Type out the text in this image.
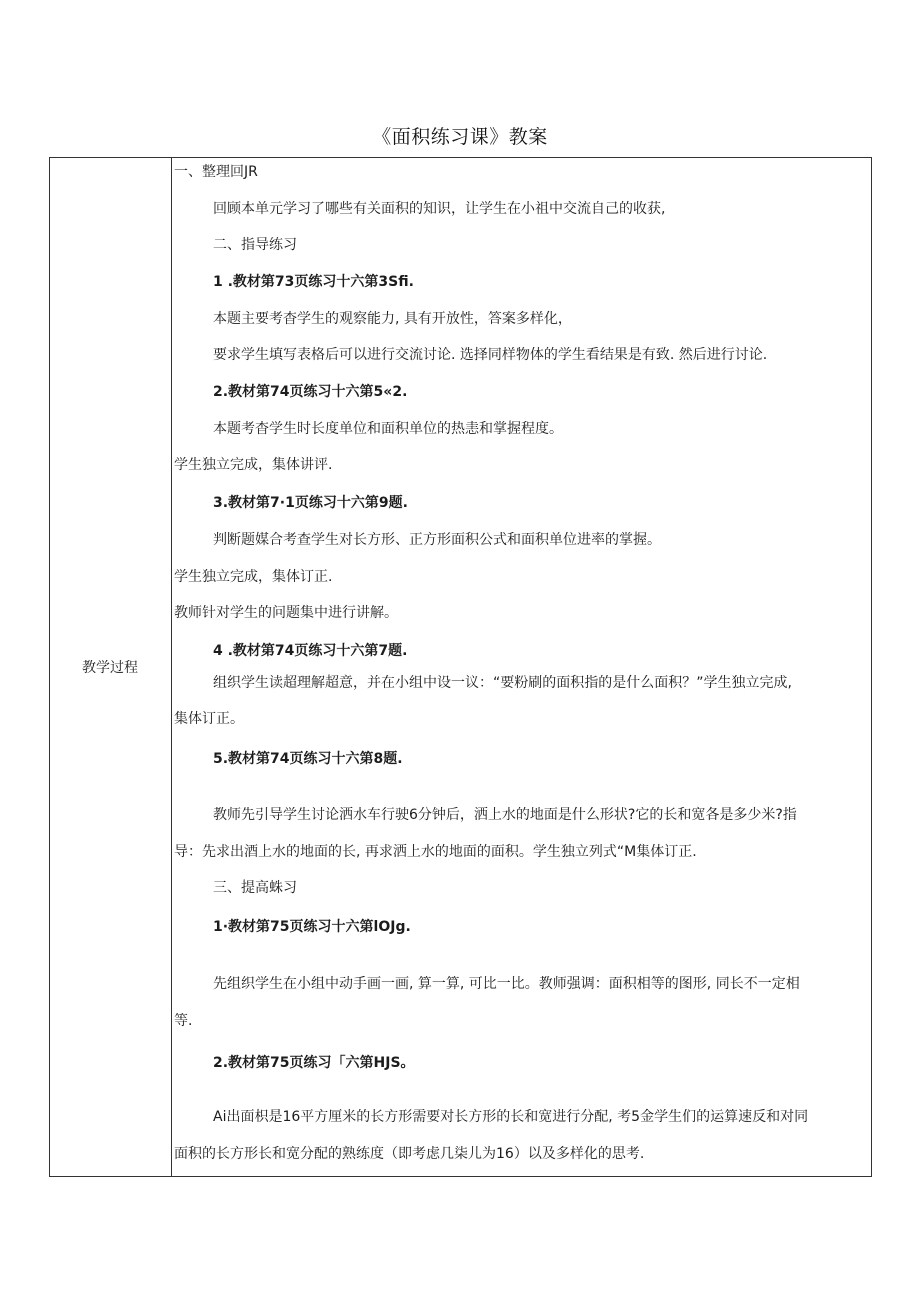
《面积练习课》教案
教学过程
一、整理回JR
回顾本单元学习了哪些有关面积的知识，让学生在小祖中交流自己的收获,
二、指导练习
1 .教材第73页练习十六第3Sfi.
本题主要考杳学生的观察能力, 具有开放性，答案多样化，
要求学生填写表格后可以进行交流讨论. 选择同样物体的学生看结果是有致. 然后进行讨论.
2.教材第74页练习十六第5«2.
本题考杳学生时长度单位和面积单位的热恚和掌握程度。
学生独立完成，集体讲评.
3.教材第7·1页练习十六第9题.
判断题媒合考查学生对长方形、正方形面积公式和面积单位进率的掌握。
学生独立完成，集体订正.
教师针对学生的问题集中进行讲解。
4 .教材第74页练习十六第7题.
组织学生读超理解超意，并在小组中设一议：“要粉刷的面积指的是什么面积？”学生独立完成,
集体订正。
5.教材第74页练习十六第8题.
教师先引导学生讨论洒水车行驶6分钟后，洒上水的地面是什么形状?它的长和宽各是多少米?指
导：先求出酒上水的地面的长, 再求洒上水的地面的面积。学生独立列式“M集体订正.
三、提高蛛习
1·教材第75页练习十六第lOJg.
先组织学生在小组中动手画一画, 算一算, 可比一比。教师强调：面积相等的图形, 同长不一定相
等.
2.教材第75页练习「六第HJS。
Ai出面枳是16平方厘米的长方形需要对长方形的长和宽进行分配, 考5金学生们的运算速反和对同
面积的长方形长和宽分配的熟练度（即考虑几柒儿为16）以及多样化的思考.
